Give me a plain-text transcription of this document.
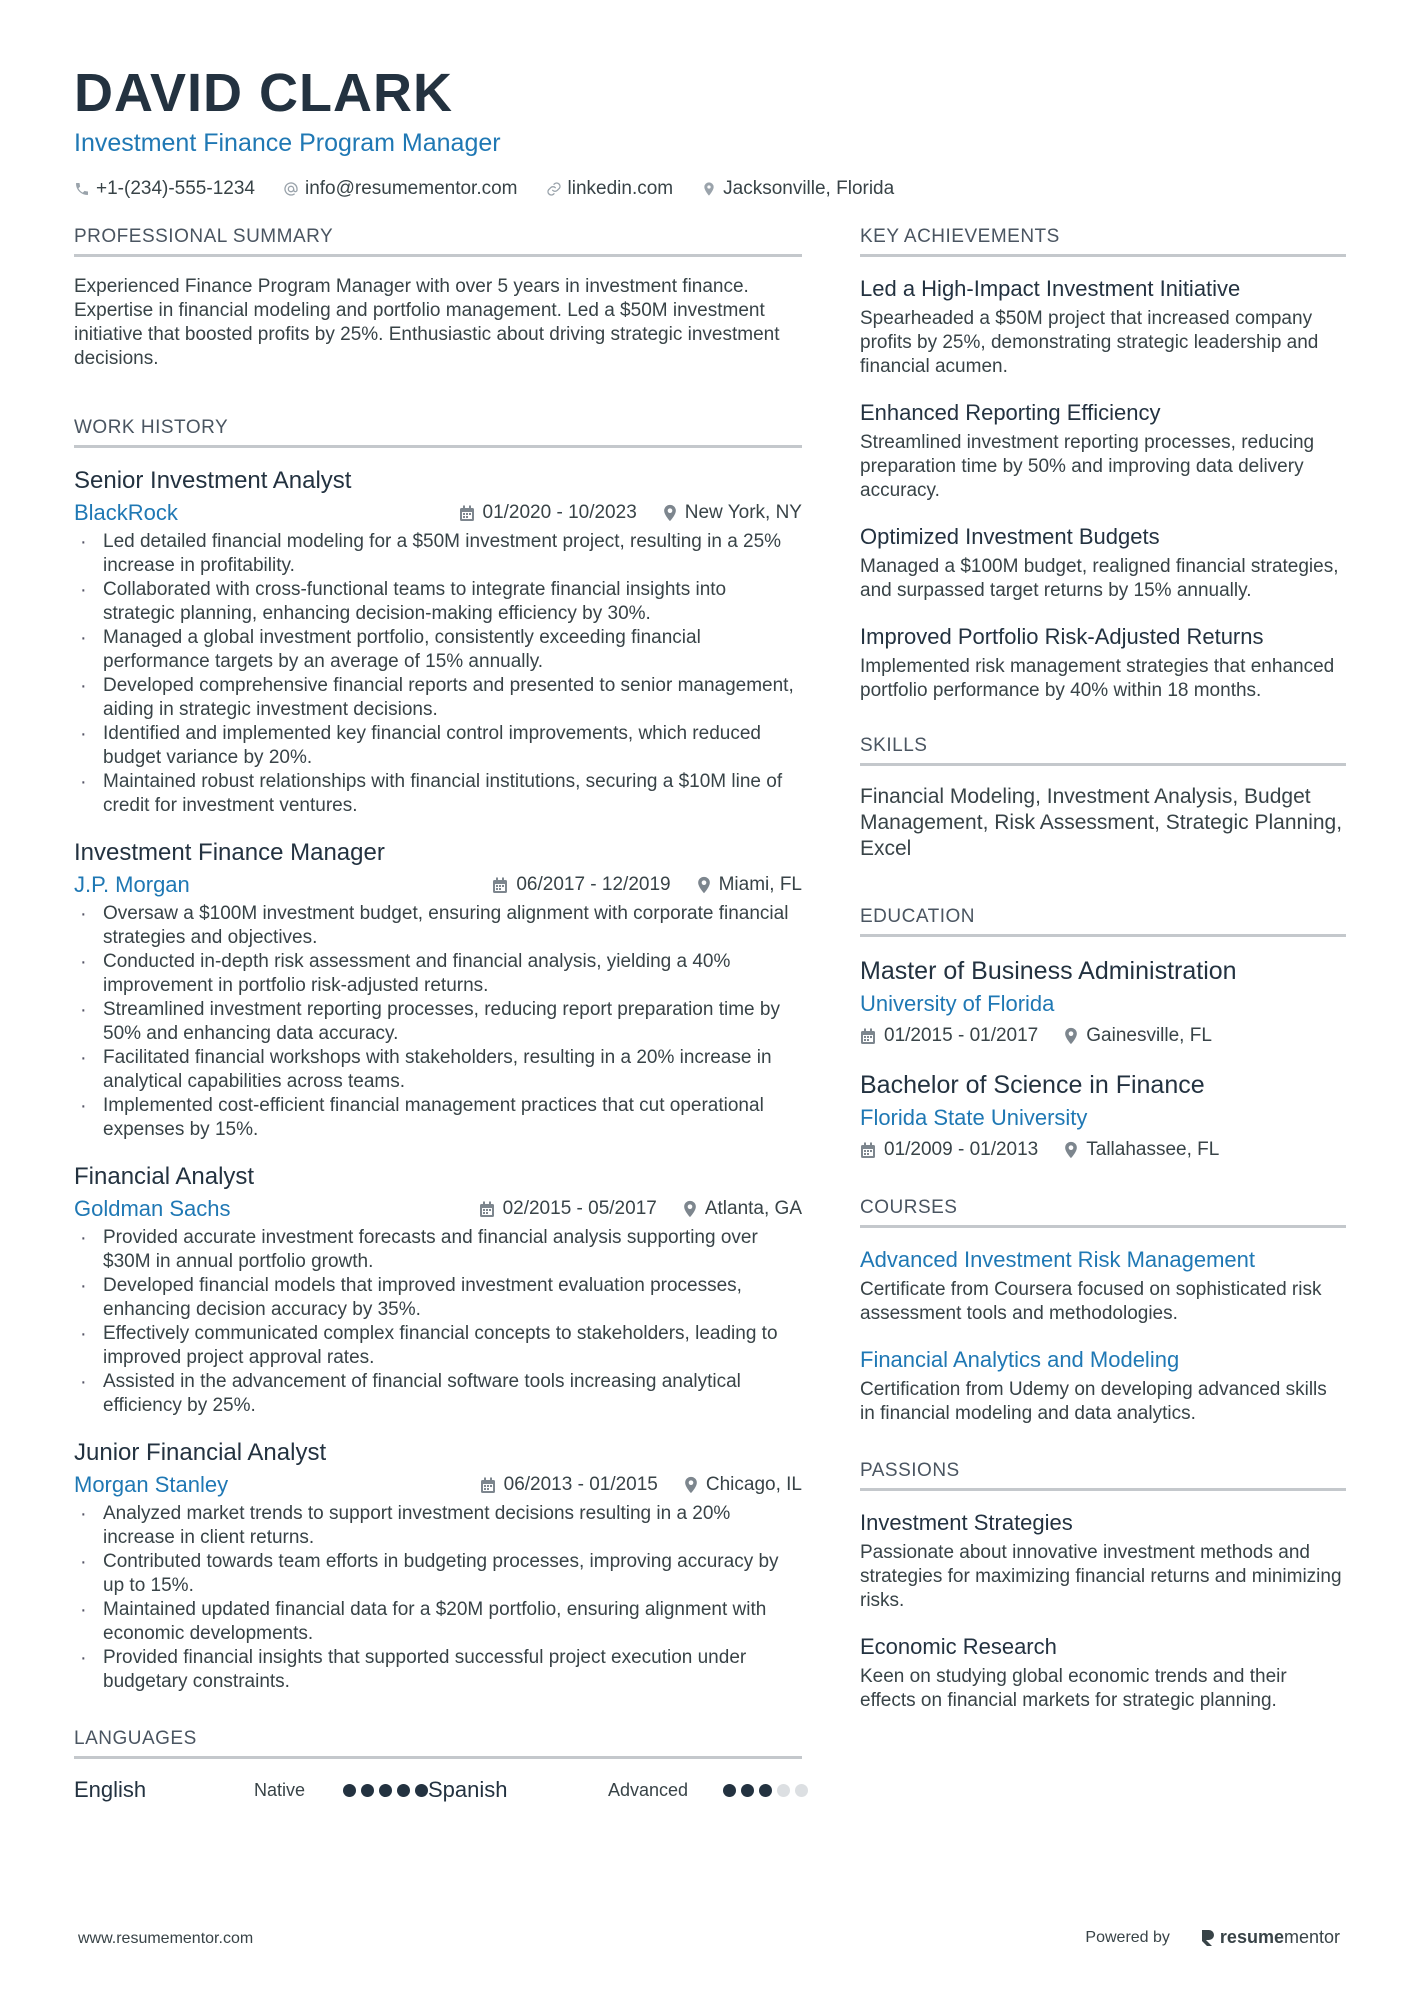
DAVID CLARK
Investment Finance Program Manager
+1-(234)-555-1234	info@resumementor.com	linkedin.com	Jacksonville, Florida
PROFESSIONAL SUMMARY
Experienced Finance Program Manager with over 5 years in investment finance. Expertise in financial modeling and portfolio management. Led a $50M investment initiative that boosted profits by 25%. Enthusiastic about driving strategic investment decisions.
WORK HISTORY
Senior Investment Analyst
BlackRock	01/2020 - 10/2023	New York, NY
· Led detailed financial modeling for a $50M investment project, resulting in a 25% increase in profitability.
· Collaborated with cross-functional teams to integrate financial insights into strategic planning, enhancing decision-making efficiency by 30%.
· Managed a global investment portfolio, consistently exceeding financial performance targets by an average of 15% annually.
· Developed comprehensive financial reports and presented to senior management, aiding in strategic investment decisions.
· Identified and implemented key financial control improvements, which reduced budget variance by 20%.
· Maintained robust relationships with financial institutions, securing a $10M line of credit for investment ventures.
Investment Finance Manager
J.P. Morgan	06/2017 - 12/2019	Miami, FL
· Oversaw a $100M investment budget, ensuring alignment with corporate financial strategies and objectives.
· Conducted in-depth risk assessment and financial analysis, yielding a 40% improvement in portfolio risk-adjusted returns.
· Streamlined investment reporting processes, reducing report preparation time by 50% and enhancing data accuracy.
· Facilitated financial workshops with stakeholders, resulting in a 20% increase in analytical capabilities across teams.
· Implemented cost-efficient financial management practices that cut operational expenses by 15%.
Financial Analyst
Goldman Sachs	02/2015 - 05/2017	Atlanta, GA
· Provided accurate investment forecasts and financial analysis supporting over $30M in annual portfolio growth.
· Developed financial models that improved investment evaluation processes, enhancing decision accuracy by 35%.
· Effectively communicated complex financial concepts to stakeholders, leading to improved project approval rates.
· Assisted in the advancement of financial software tools increasing analytical efficiency by 25%.
Junior Financial Analyst
Morgan Stanley	06/2013 - 01/2015	Chicago, IL
· Analyzed market trends to support investment decisions resulting in a 20% increase in client returns.
· Contributed towards team efforts in budgeting processes, improving accuracy by up to 15%.
· Maintained updated financial data for a $20M portfolio, ensuring alignment with economic developments.
· Provided financial insights that supported successful project execution under budgetary constraints.
LANGUAGES
English	Native	Spanish	Advanced
KEY ACHIEVEMENTS
Led a High-Impact Investment Initiative
Spearheaded a $50M project that increased company profits by 25%, demonstrating strategic leadership and financial acumen.
Enhanced Reporting Efficiency
Streamlined investment reporting processes, reducing preparation time by 50% and improving data delivery accuracy.
Optimized Investment Budgets
Managed a $100M budget, realigned financial strategies, and surpassed target returns by 15% annually.
Improved Portfolio Risk-Adjusted Returns
Implemented risk management strategies that enhanced portfolio performance by 40% within 18 months.
SKILLS
Financial Modeling, Investment Analysis, Budget Management, Risk Assessment, Strategic Planning, Excel
EDUCATION
Master of Business Administration
University of Florida
01/2015 - 01/2017	Gainesville, FL
Bachelor of Science in Finance
Florida State University
01/2009 - 01/2013	Tallahassee, FL
COURSES
Advanced Investment Risk Management
Certificate from Coursera focused on sophisticated risk assessment tools and methodologies.
Financial Analytics and Modeling
Certification from Udemy on developing advanced skills in financial modeling and data analytics.
PASSIONS
Investment Strategies
Passionate about innovative investment methods and strategies for maximizing financial returns and minimizing risks.
Economic Research
Keen on studying global economic trends and their effects on financial markets for strategic planning.
www.resumementor.com	Powered by	resume mentor
